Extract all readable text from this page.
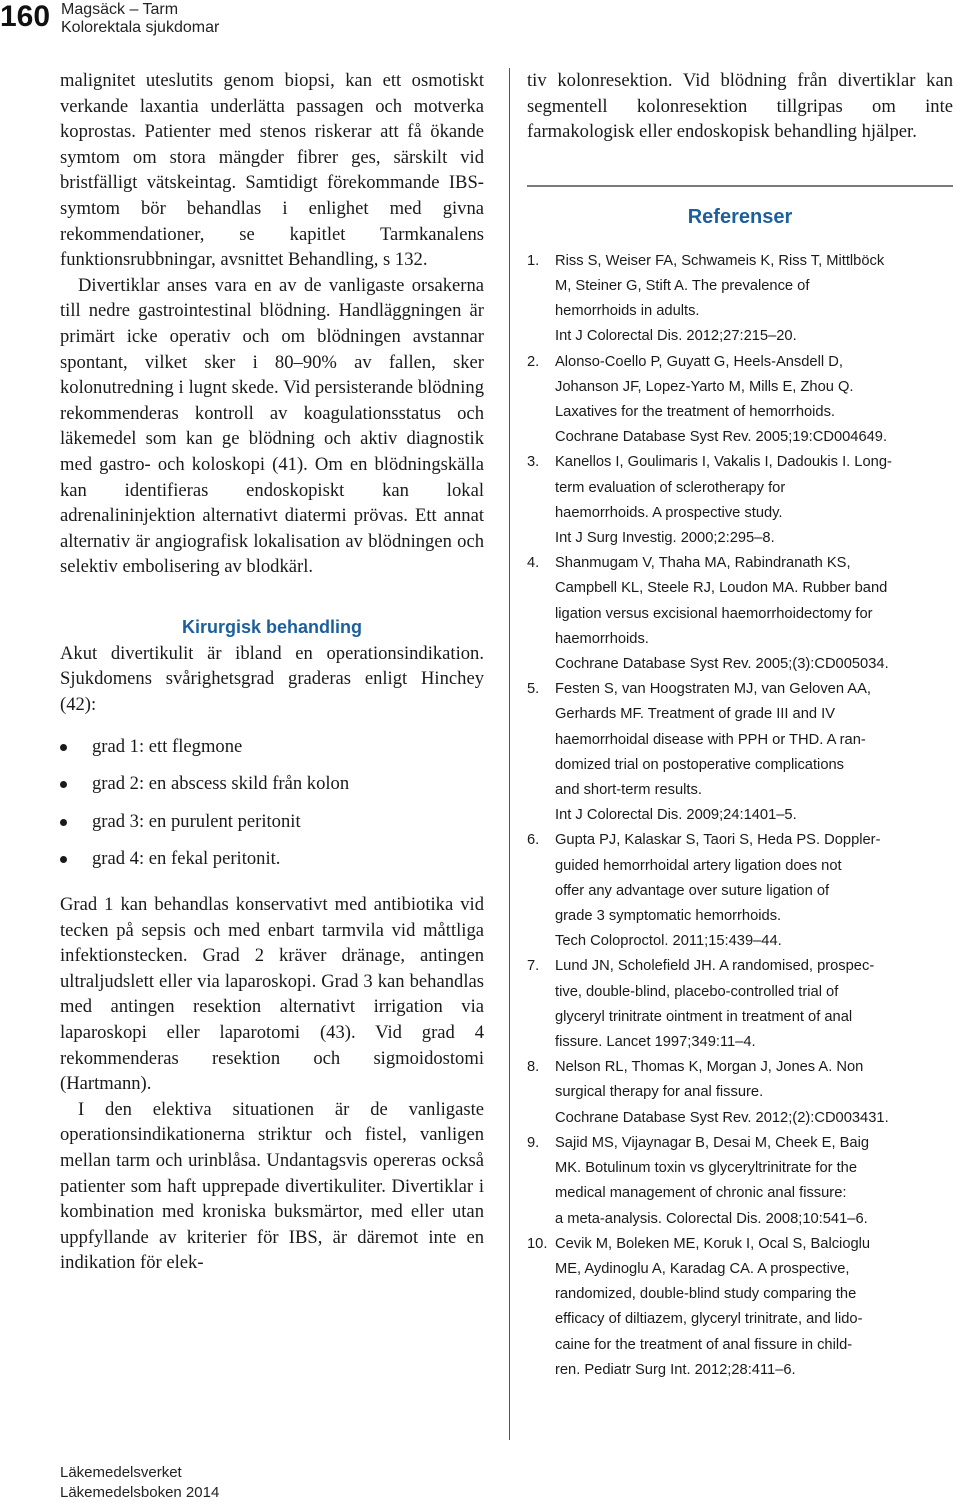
160 Magsäck – Tarm
Kolorektala sjukdomar

malignitet uteslutits genom biopsi, kan ett osmotiskt verkande laxantia underlätta passagen och motverka koprostas. Patienter med stenos riskerar att få ökande symtom om stora mängder fibrer ges, särskilt vid bristfälligt vätskeintag. Samtidigt förekommande IBS-symtom bör behandlas i enlighet med givna rekommendationer, se kapitlet Tarmkanalens funktionsrubbningar, avsnittet Behandling, s 132.

Divertiklar anses vara en av de vanligaste orsakerna till nedre gastrointestinal blödning. Handläggningen är primärt icke operativ och om blödningen avstannar spontant, vilket sker i 80–90% av fallen, sker kolonutredning i lugnt skede. Vid persisterande blödning rekommenderas kontroll av koagulationsstatus och läkemedel som kan ge blödning och aktiv diagnostik med gastro- och koloskopi (41). Om en blödningskälla kan identifieras endoskopiskt kan lokal adrenalininjektion alternativt diatermi prövas. Ett annat alternativ är angiografisk lokalisation av blödningen och selektiv embolisering av blodkärl.

Kirurgisk behandling

Akut divertikulit är ibland en operationsindikation. Sjukdomens svårighetsgrad graderas enligt Hinchey (42):

grad 1: ett flegmone
grad 2: en abscess skild från kolon
grad 3: en purulent peritonit
grad 4: en fekal peritonit.

Grad 1 kan behandlas konservativt med antibiotika vid tecken på sepsis och med enbart tarmvila vid måttliga infektionstecken. Grad 2 kräver dränage, antingen ultraljudslett eller via laparoskopi. Grad 3 kan behandlas med antingen resektion alternativt irrigation via laparoskopi eller laparotomi (43). Vid grad 4 rekommenderas resektion och sigmoidostomi (Hartmann).

I den elektiva situationen är de vanligaste operationsindikationerna striktur och fistel, vanligen mellan tarm och urinblåsa. Undantagsvis opereras också patienter som haft upprepade divertikuliter. Divertiklar i kombination med kroniska buksmärtor, med eller utan uppfyllande av kriterier för IBS, är däremot inte en indikation för elek-

tiv kolonresektion. Vid blödning från divertiklar kan segmentell kolonresektion tillgripas om inte farmakologisk eller endoskopisk behandling hjälper.

Referenser
1. Riss S, Weiser FA, Schwameis K, Riss T, Mittlböck
M, Steiner G, Stift A. The prevalence of
hemorrhoids in adults.
Int J Colorectal Dis. 2012;27:215–20.
2. Alonso-Coello P, Guyatt G, Heels-Ansdell D,
Johanson JF, Lopez-Yarto M, Mills E, Zhou Q.
Laxatives for the treatment of hemorrhoids.
Cochrane Database Syst Rev. 2005;19:CD004649.
3. Kanellos I, Goulimaris I, Vakalis I, Dadoukis I. Long-
term evaluation of sclerotherapy for
haemorrhoids. A prospective study.
Int J Surg Investig. 2000;2:295–8.
4. Shanmugam V, Thaha MA, Rabindranath KS,
Campbell KL, Steele RJ, Loudon MA. Rubber band
ligation versus excisional haemorrhoidectomy for
haemorrhoids.
Cochrane Database Syst Rev. 2005;(3):CD005034.
5. Festen S, van Hoogstraten MJ, van Geloven AA,
Gerhards MF. Treatment of grade III and IV
haemorrhoidal disease with PPH or THD. A ran-
domized trial on postoperative complications
and short-term results.
Int J Colorectal Dis. 2009;24:1401–5.
6. Gupta PJ, Kalaskar S, Taori S, Heda PS. Doppler-
guided hemorrhoidal artery ligation does not
offer any advantage over suture ligation of
grade 3 symptomatic hemorrhoids.
Tech Coloproctol. 2011;15:439–44.
7. Lund JN, Scholefield JH. A randomised, prospec-
tive, double-blind, placebo-controlled trial of
glyceryl trinitrate ointment in treatment of anal
fissure. Lancet 1997;349:11–4.
8. Nelson RL, Thomas K, Morgan J, Jones A. Non
surgical therapy for anal fissure.
Cochrane Database Syst Rev. 2012;(2):CD003431.
9. Sajid MS, Vijaynagar B, Desai M, Cheek E, Baig
MK. Botulinum toxin vs glyceryltrinitrate for the
medical management of chronic anal fissure:
a meta-analysis. Colorectal Dis. 2008;10:541–6.
10. Cevik M, Boleken ME, Koruk I, Ocal S, Balcioglu
ME, Aydinoglu A, Karadag CA. A prospective,
randomized, double-blind study comparing the
efficacy of diltiazem, glyceryl trinitrate, and lido-
caine for the treatment of anal fissure in child-
ren. Pediatr Surg Int. 2012;28:411–6.
Läkemedelsverket
Läkemedelsboken 2014
